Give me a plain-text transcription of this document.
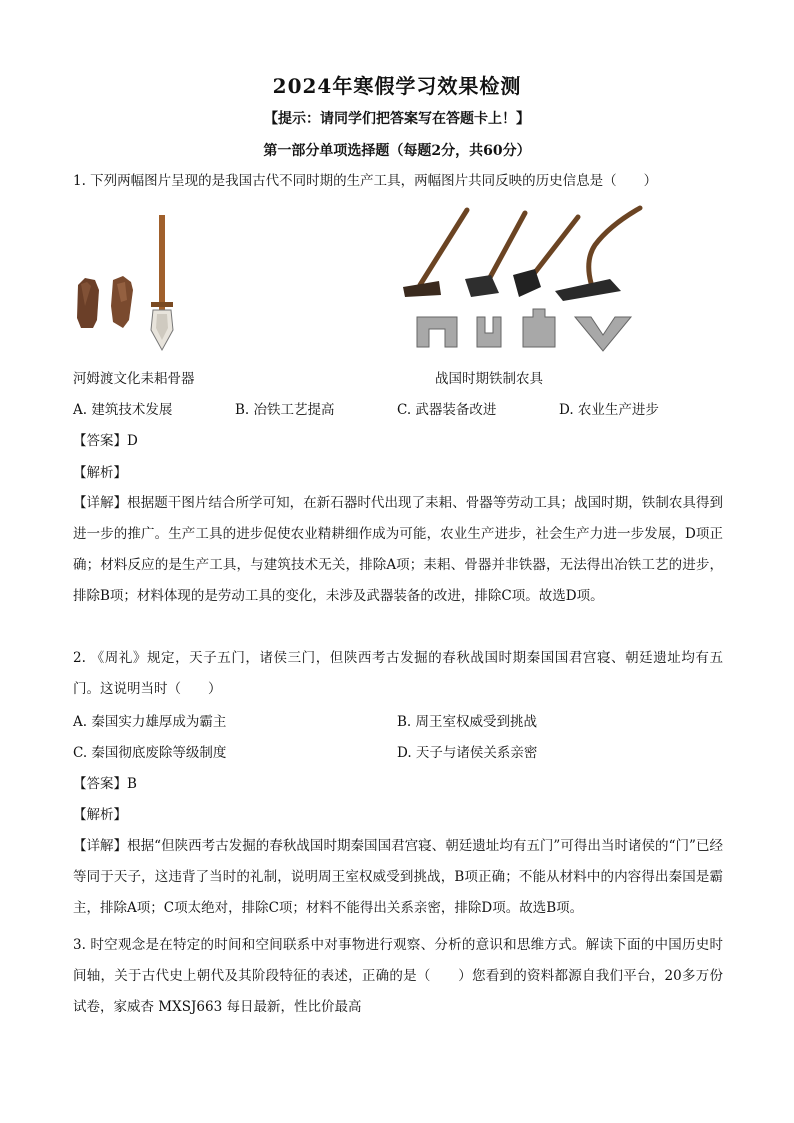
2024年寒假学习效果检测
【提示：请同学们把答案写在答题卡上！】
第一部分单项选择题（每题2分，共60分）
1. 下列两幅图片呈现的是我国古代不同时期的生产工具，两幅图片共同反映的历史信息是（　　）
河姆渡文化耒耜骨器	战国时期铁制农具
A. 建筑技术发展	B. 冶铁工艺提高	C. 武器装备改进	D. 农业生产进步
【答案】D
【解析】
【详解】根据题干图片结合所学可知，在新石器时代出现了耒耜、骨器等劳动工具；战国时期，铁制农具得到进一步的推广。生产工具的进步促使农业精耕细作成为可能，农业生产进步，社会生产力进一步发展，D项正确；材料反应的是生产工具，与建筑技术无关，排除A项；耒耜、骨器并非铁器，无法得出冶铁工艺的进步，排除B项；材料体现的是劳动工具的变化，未涉及武器装备的改进，排除C项。故选D项。
2. 《周礼》规定，天子五门，诸侯三门，但陕西考古发掘的春秋战国时期秦国国君宫寝、朝廷遗址均有五门。这说明当时（　　）
A. 秦国实力雄厚成为霸主	B. 周王室权威受到挑战
C. 秦国彻底废除等级制度	D. 天子与诸侯关系亲密
【答案】B
【解析】
【详解】根据“但陕西考古发掘的春秋战国时期秦国国君宫寝、朝廷遗址均有五门”可得出当时诸侯的“门”已经等同于天子，这违背了当时的礼制，说明周王室权威受到挑战，B项正确；不能从材料中的内容得出秦国是霸主，排除A项；C项太绝对，排除C项；材料不能得出关系亲密，排除D项。故选B项。
3. 时空观念是在特定的时间和空间联系中对事物进行观察、分析的意识和思维方式。解读下面的中国历史时间轴，关于古代史上朝代及其阶段特征的表述，正确的是（　　）您看到的资料都源自我们平台，20多万份试卷，家威杏 MXSJ663 每日最新，性比价最高
